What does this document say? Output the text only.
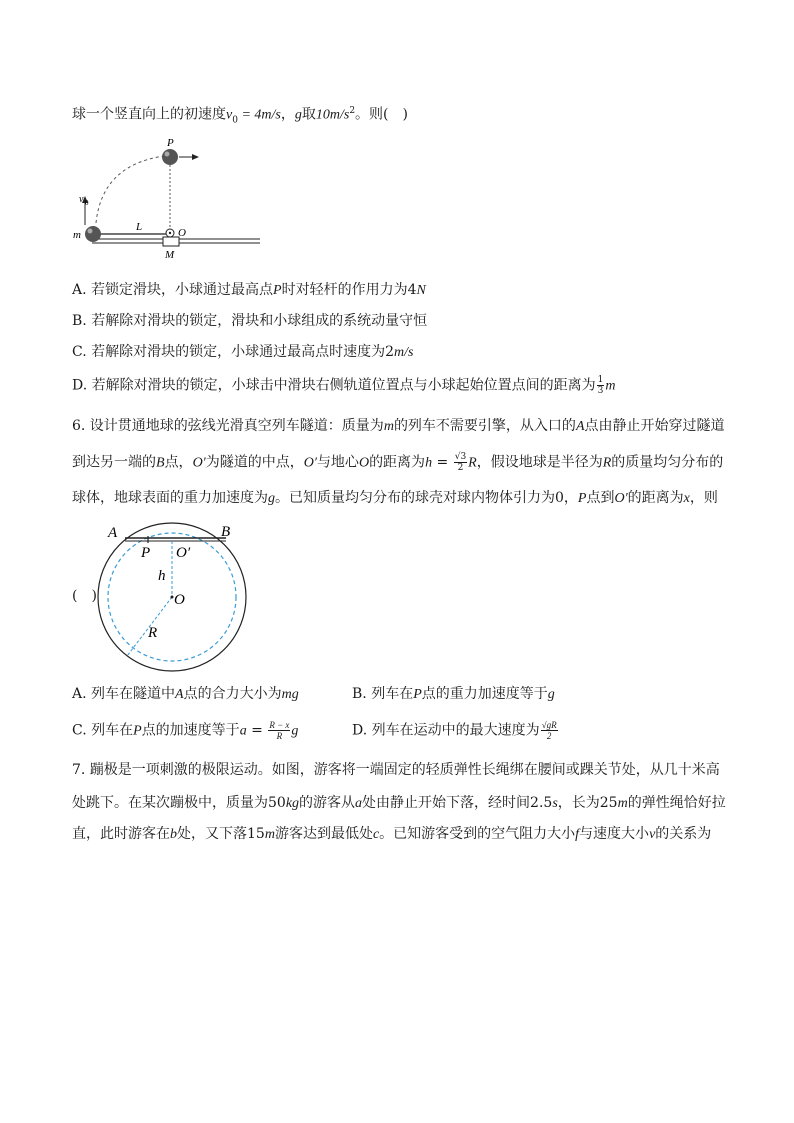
球一个竖直向上的初速度$v_0 = 4m/s$，g取$10m/s^2$。则(　)
P
v 0
m
L	O
M
A. 若锁定滑块，小球通过最高点P时对轻杆的作用力为4N
B. 若解除对滑块的锁定，滑块和小球组成的系统动量守恒
C. 若解除对滑块的锁定，小球通过最高点时速度为2m/s
D. 若解除对滑块的锁定，小球击中滑块右侧轨道位置点与小球起始位置点间的距离为 $\frac{1}{3}$ m
6. 设计贯通地球的弦线光滑真空列车隧道：质量为m的列车不需要引擎，从入口的A点由静止开始穿过隧道
到达另一端的B点，O′为隧道的中点，O′与地心O的距离为$h = \frac{√3}{2}$ R，假设地球是半径为R的质量均匀分布的
球体，地球表面的重力加速度为g。已知质量均匀分布的球壳对球内物体引力为0，P点到O′的距离为x，则
(　)
A	B
P O′
h
O
R
A. 列车在隧道中A点的合力大小为mg	B. 列车在P点的重力加速度等于g
C. 列车在P点的加速度等于$a = \frac{R - x}{R}$ g	D. 列车在运动中的最大速度为 $\frac{√gR}{2}$
7. 蹦极是一项刺激的极限运动。如图，游客将一端固定的轻质弹性长绳绑在腰间或踝关节处，从几十米高
处跳下。在某次蹦极中，质量为50kg的游客从a处由静止开始下落，经时间2.5s，长为25m的弹性绳恰好拉
直，此时游客在b处，又下落15m游客达到最低处c。已知游客受到的空气阻力大小f与速度大小v的关系为
